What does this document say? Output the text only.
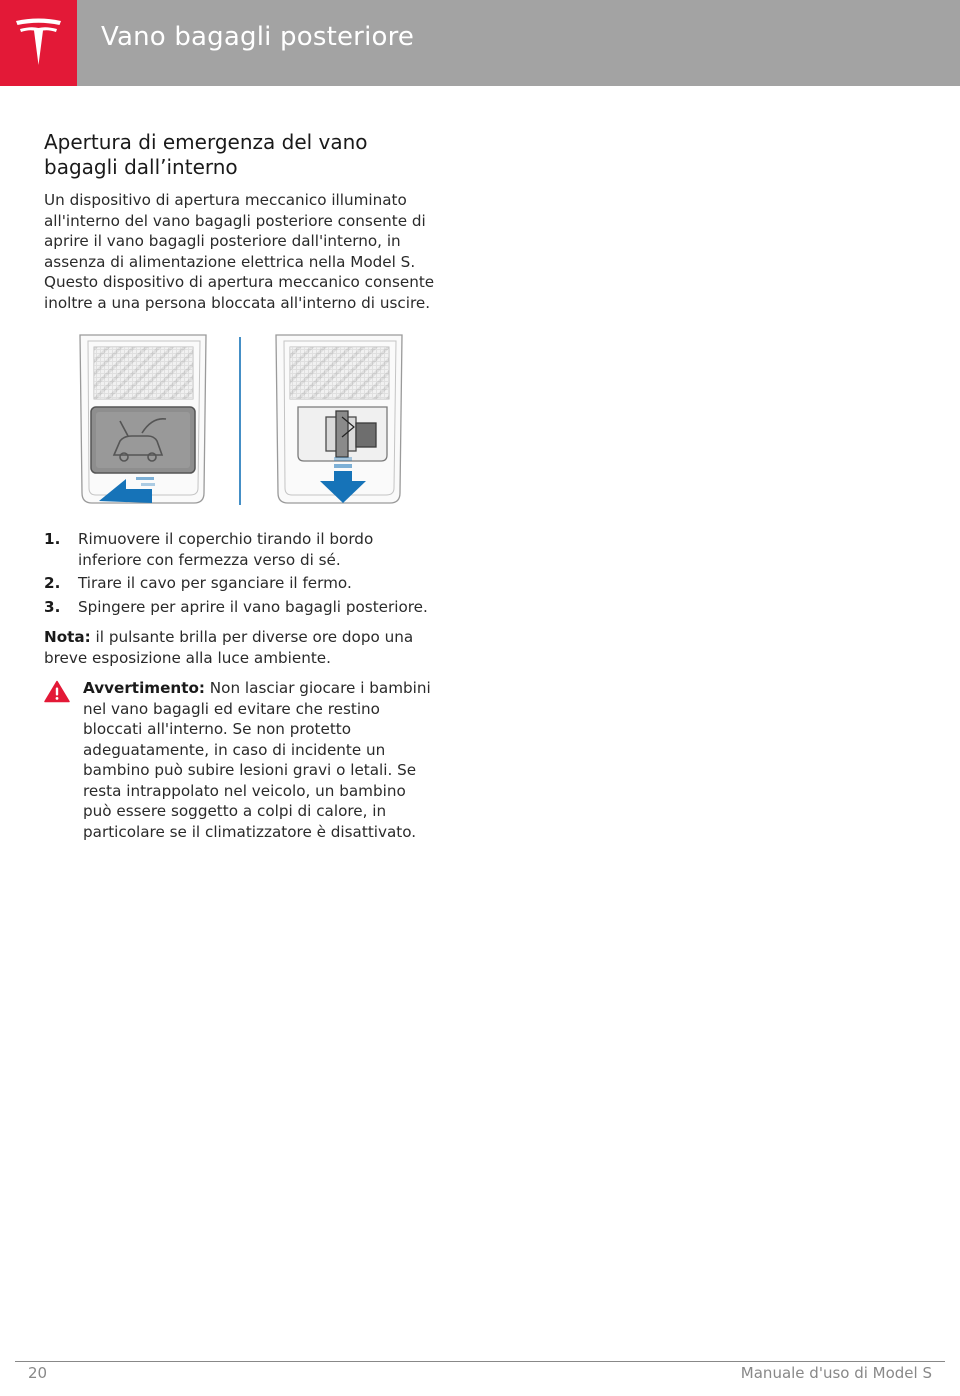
Vano bagagli posteriore
Apertura di emergenza del vano bagagli dall’interno

Un dispositivo di apertura meccanico illuminato all'interno del vano bagagli posteriore consente di aprire il vano bagagli posteriore dall'interno, in assenza di alimentazione elettrica nella Model S. Questo dispositivo di apertura meccanico consente inoltre a una persona bloccata all'interno di uscire.

1. Rimuovere il coperchio tirando il bordo inferiore con fermezza verso di sé.
2. Tirare il cavo per sganciare il fermo.
3. Spingere per aprire il vano bagagli posteriore.

Nota: il pulsante brilla per diverse ore dopo una breve esposizione alla luce ambiente.

Avvertimento: Non lasciar giocare i bambini nel vano bagagli ed evitare che restino bloccati all'interno. Se non protetto adeguatamente, in caso di incidente un bambino può subire lesioni gravi o letali. Se resta intrappolato nel veicolo, un bambino può essere soggetto a colpi di calore, in particolare se il climatizzatore è disattivato.
20	Manuale d'uso di Model S
